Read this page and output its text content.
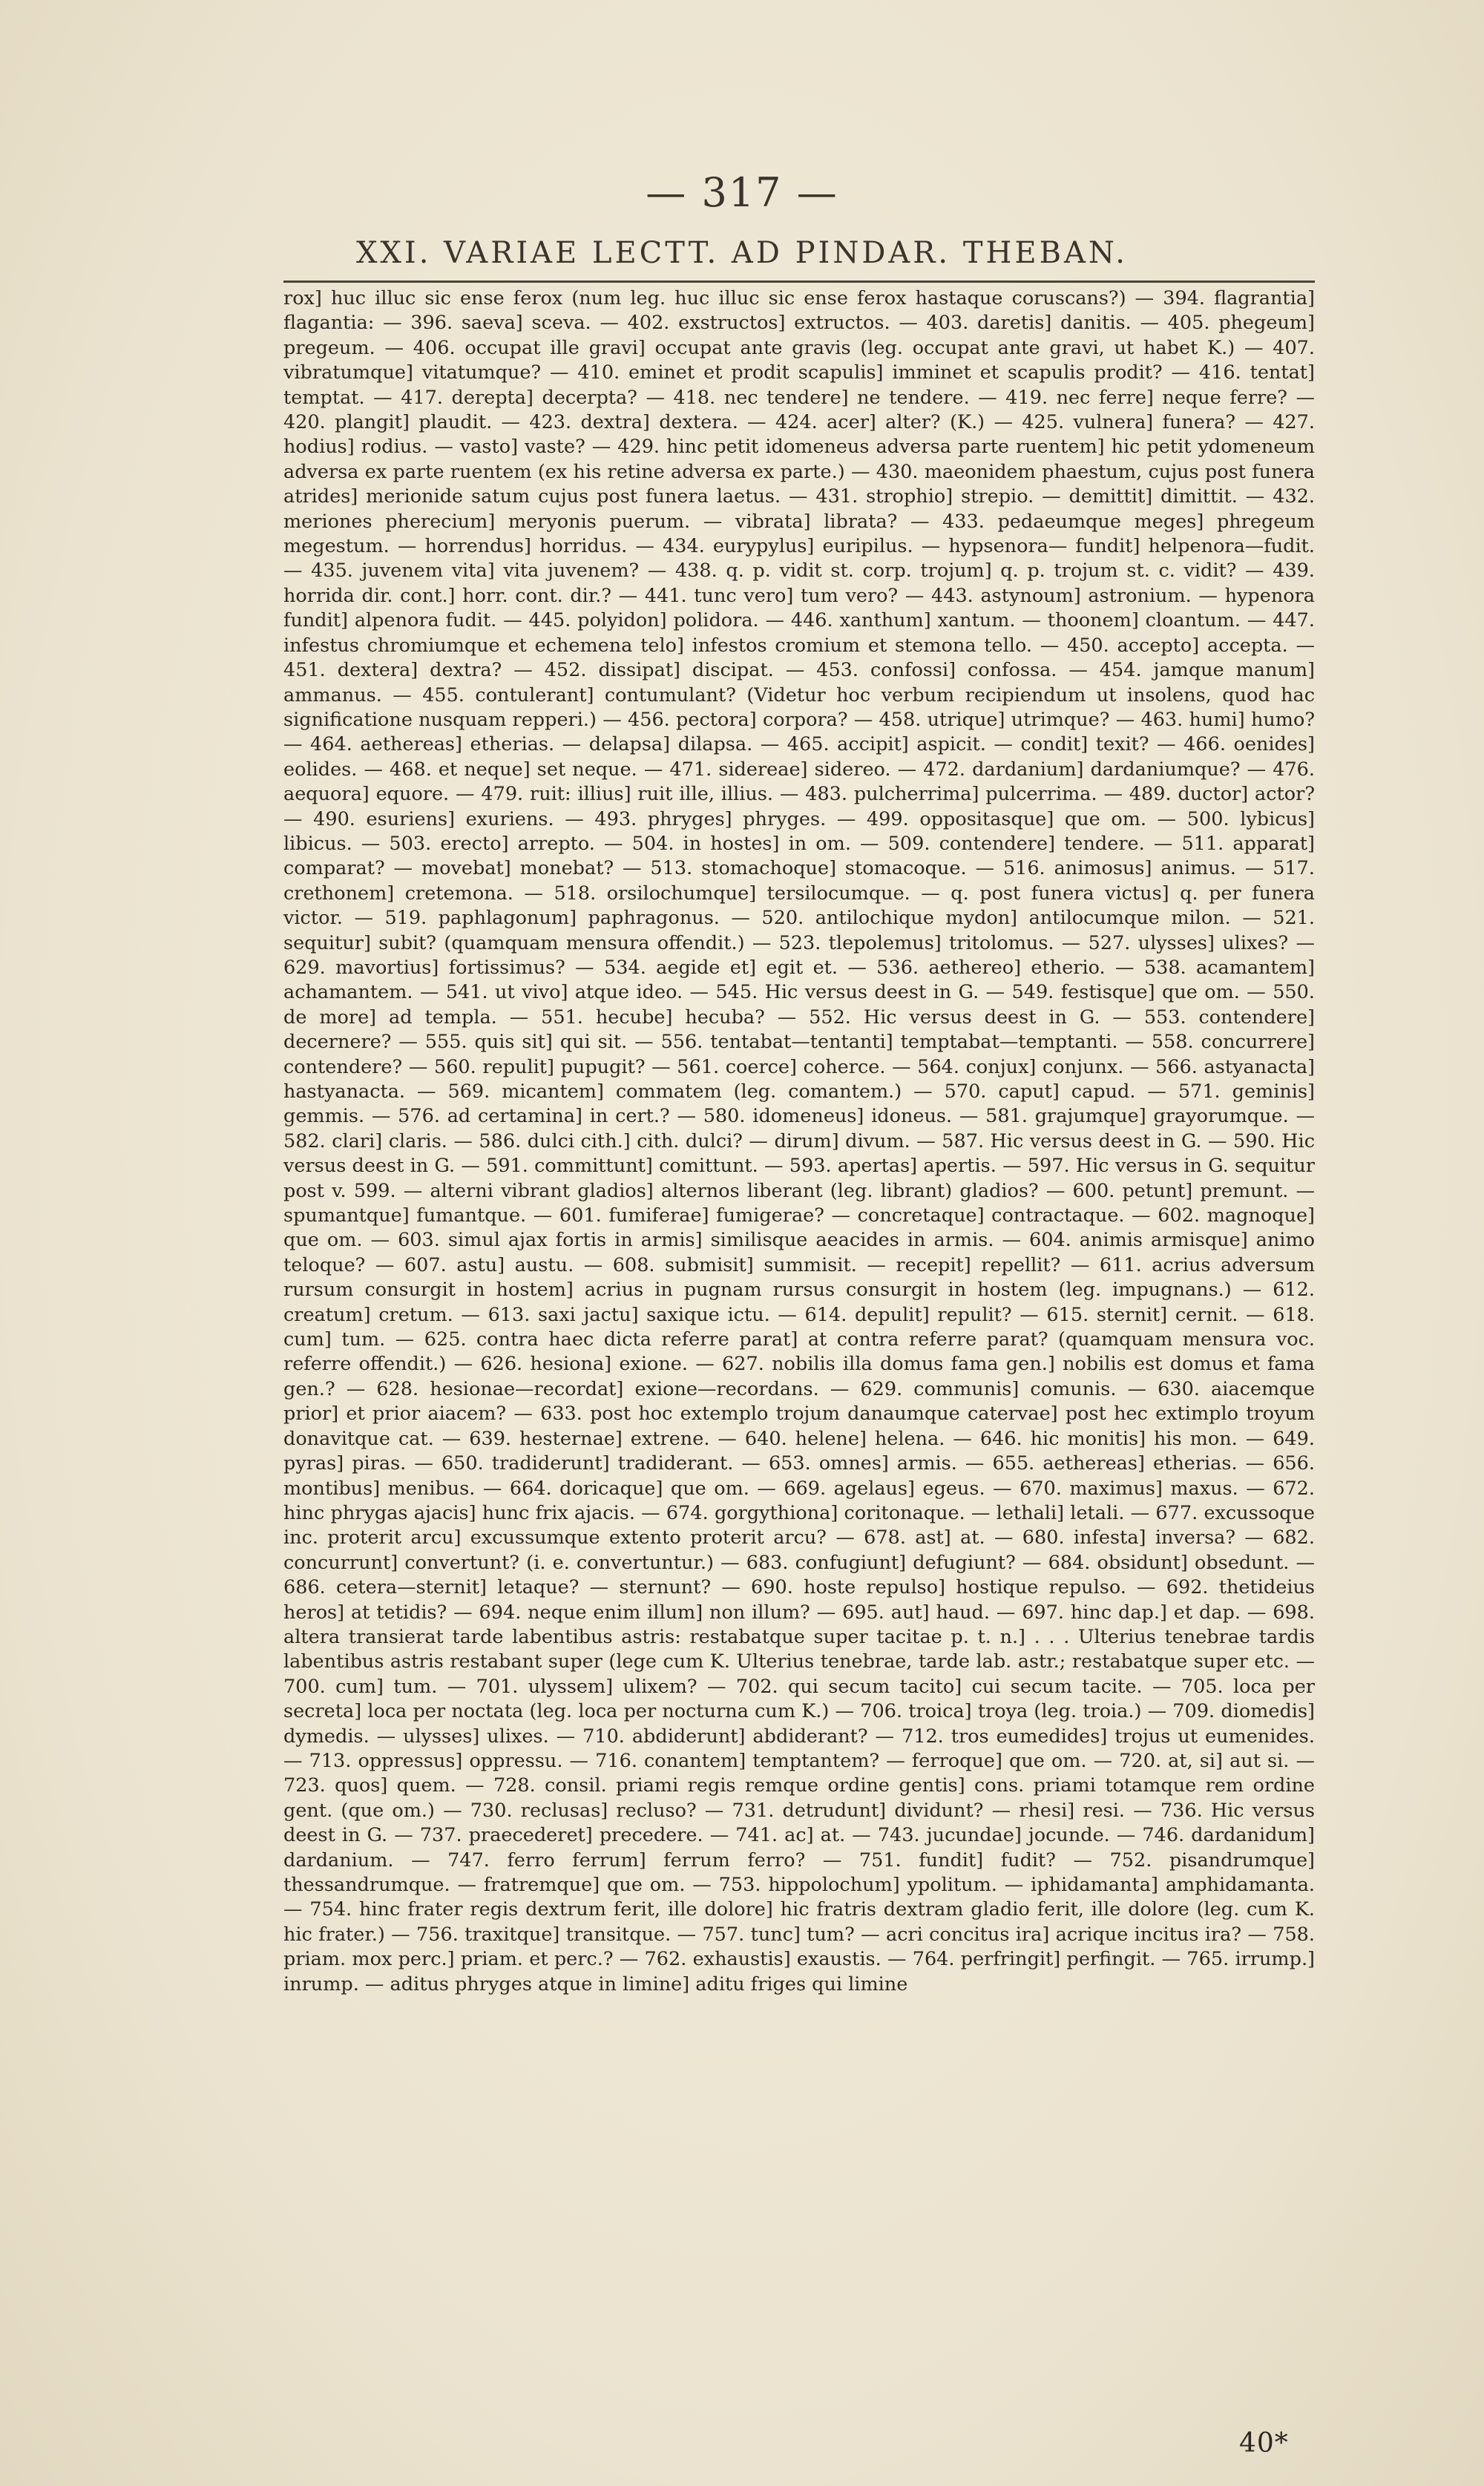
— 317 —
XXI. VARIAE LECTT. AD PINDAR. THEBAN.

rox] huc illuc sic ense ferox (num leg. huc illuc sic ense ferox hastaque coruscans?) — 394. flagrantia] flagantia: — 396. saeva] sceva. — 402. exstructos] extructos. — 403. daretis] danitis. — 405. phegeum] pregeum. — 406. occupat ille gravi] occupat ante gravis (leg. occupat ante gravi, ut habet K.) — 407. vibratumque] vitatumque? — 410. eminet et prodit scapulis] imminet et scapulis prodit? — 416. tentat] temptat. — 417. derepta] decerpta? — 418. nec tendere] ne tendere. — 419. nec ferre] neque ferre? — 420. plangit] plaudit. — 423. dextra] dextera. — 424. acer] alter? (K.) — 425. vulnera] funera? — 427. hodius] rodius. — vasto] vaste? — 429. hinc petit idomeneus adversa parte ruentem] hic petit ydomeneum adversa ex parte ruentem (ex his retine adversa ex parte.) — 430. maeonidem phaestum, cujus post funera atrides] merionide satum cujus post funera laetus. — 431. strophio] strepio. — demittit] dimittit. — 432. meriones pherecium] meryonis puerum. — vibrata] librata? — 433. pedaeumque meges] phregeum megestum. — horrendus] horridus. — 434. eurypylus] euripilus. — hypsenora— fundit] helpenora—fudit. — 435. juvenem vita] vita juvenem? — 438. q. p. vidit st. corp. trojum] q. p. trojum st. c. vidit? — 439. horrida dir. cont.] horr. cont. dir.? — 441. tunc vero] tum vero? — 443. astynoum] astronium. — hypenora fundit] alpenora fudit. — 445. polyidon] polidora. — 446. xanthum] xantum. — thoonem] cloantum. — 447. infestus chromiumque et echemena telo] infestos cromium et stemona tello. — 450. accepto] accepta. — 451. dextera] dextra? — 452. dissipat] discipat. — 453. confossi] confossa. — 454. jamque manum] ammanus. — 455. contulerant] contumulant? (Videtur hoc verbum recipiendum ut insolens, quod hac significatione nusquam repperi.) — 456. pectora] corpora? — 458. utrique] utrimque? — 463. humi] humo? — 464. aethereas] etherias. — delapsa] dilapsa. — 465. accipit] aspicit. — condit] texit? — 466. oenides] eolides. — 468. et neque] set neque. — 471. sidereae] sidereo. — 472. dardanium] dardaniumque? — 476. aequora] equore. — 479. ruit: illius] ruit ille, illius. — 483. pulcherrima] pulcerrima. — 489. ductor] actor? — 490. esuriens] exuriens. — 493. phryges] phryges. — 499. oppositasque] que om. — 500. lybicus] libicus. — 503. erecto] arrepto. — 504. in hostes] in om. — 509. contendere] tendere. — 511. apparat] comparat? — movebat] monebat? — 513. stomachoque] stomacoque. — 516. animosus] animus. — 517. crethonem] cretemona. — 518. orsilochumque] tersilocumque. — q. post funera victus] q. per funera victor. — 519. paphlagonum] paphragonus. — 520. antilochique mydon] antilocumque milon. — 521. sequitur] subit? (quamquam mensura offendit.) — 523. tlepolemus] tritolomus. — 527. ulysses] ulixes? — 629. mavortius] fortissimus? — 534. aegide et] egit et. — 536. aethereo] etherio. — 538. acamantem] achamantem. — 541. ut vivo] atque ideo. — 545. Hic versus deest in G. — 549. festisque] que om. — 550. de more] ad templa. — 551. hecube] hecuba? — 552. Hic versus deest in G. — 553. contendere] decernere? — 555. quis sit] qui sit. — 556. tentabat—tentanti] temptabat—temptanti. — 558. concurrere] contendere? — 560. repulit] pupugit? — 561. coerce] coherce. — 564. conjux] conjunx. — 566. astyanacta] hastyanacta. — 569. micantem] commatem (leg. comantem.) — 570. caput] capud. — 571. geminis] gemmis. — 576. ad certamina] in cert.? — 580. idomeneus] idoneus. — 581. grajumque] grayorumque. — 582. clari] claris. — 586. dulci cith.] cith. dulci? — dirum] divum. — 587. Hic versus deest in G. — 590. Hic versus deest in G. — 591. committunt] comittunt. — 593. apertas] apertis. — 597. Hic versus in G. sequitur post v. 599. — alterni vibrant gladios] alternos liberant (leg. librant) gladios? — 600. petunt] premunt. — spumantque] fumantque. — 601. fumiferae] fumigerae? — concretaque] contractaque. — 602. magnoque] que om. — 603. simul ajax fortis in armis] similisque aeacides in armis. — 604. animis armisque] animo teloque? — 607. astu] austu. — 608. submisit] summisit. — recepit] repellit? — 611. acrius adversum rursum consurgit in hostem] acrius in pugnam rursus consurgit in hostem (leg. impugnans.) — 612. creatum] cretum. — 613. saxi jactu] saxique ictu. — 614. depulit] repulit? — 615. sternit] cernit. — 618. cum] tum. — 625. contra haec dicta referre parat] at contra referre parat? (quamquam mensura voc. referre offendit.) — 626. hesiona] exione. — 627. nobilis illa domus fama gen.] nobilis est domus et fama gen.? — 628. hesionae—recordat] exione—recordans. — 629. communis] comunis. — 630. aiacemque prior] et prior aiacem? — 633. post hoc extemplo trojum danaumque catervae] post hec extimplo troyum donavitque cat. — 639. hesternae] extrene. — 640. helene] helena. — 646. hic monitis] his mon. — 649. pyras] piras. — 650. tradiderunt] tradiderant. — 653. omnes] armis. — 655. aethereas] etherias. — 656. montibus] menibus. — 664. doricaque] que om. — 669. agelaus] egeus. — 670. maximus] maxus. — 672. hinc phrygas ajacis] hunc frix ajacis. — 674. gorgythiona] coritonaque. — lethali] letali. — 677. excussoque inc. proterit arcu] excussumque extento proterit arcu? — 678. ast] at. — 680. infesta] inversa? — 682. concurrunt] convertunt? (i. e. convertuntur.) — 683. confugiunt] defugiunt? — 684. obsidunt] obsedunt. — 686. cetera—sternit] letaque? — sternunt? — 690. hoste repulso] hostique repulso. — 692. thetideius heros] at tetidis? — 694. neque enim illum] non illum? — 695. aut] haud. — 697. hinc dap.] et dap. — 698. altera transierat tarde labentibus astris: restabatque super tacitae p. t. n.] . . . Ulterius tenebrae tardis labentibus astris restabant super (lege cum K. Ulterius tenebrae, tarde lab. astr.; restabatque super etc. — 700. cum] tum. — 701. ulyssem] ulixem? — 702. qui secum tacito] cui secum tacite. — 705. loca per secreta] loca per noctata (leg. loca per nocturna cum K.) — 706. troica] troya (leg. troia.) — 709. diomedis] dymedis. — ulysses] ulixes. — 710. abdiderunt] abdiderant? — 712. tros eumedides] trojus ut eumenides. — 713. oppressus] oppressu. — 716. conantem] temptantem? — ferroque] que om. — 720. at, si] aut si. — 723. quos] quem. — 728. consil. priami regis remque ordine gentis] cons. priami totamque rem ordine gent. (que om.) — 730. reclusas] recluso? — 731. detrudunt] dividunt? — rhesi] resi. — 736. Hic versus deest in G. — 737. praecederet] precedere. — 741. ac] at. — 743. jucundae] jocunde. — 746. dardanidum] dardanium. — 747. ferro ferrum] ferrum ferro? — 751. fundit] fudit? — 752. pisandrumque] thessandrumque. — fratremque] que om. — 753. hippolochum] ypolitum. — iphidamanta] amphidamanta. — 754. hinc frater regis dextrum ferit, ille dolore] hic fratris dextram gladio ferit, ille dolore (leg. cum K. hic frater.) — 756. traxitque] transitque. — 757. tunc] tum? — acri concitus ira] acrique incitus ira? — 758. priam. mox perc.] priam. et perc.? — 762. exhaustis] exaustis. — 764. perfringit] perfingit. — 765. irrump.] inrump. — aditus phryges atque in limine] aditu friges qui limine

40*
